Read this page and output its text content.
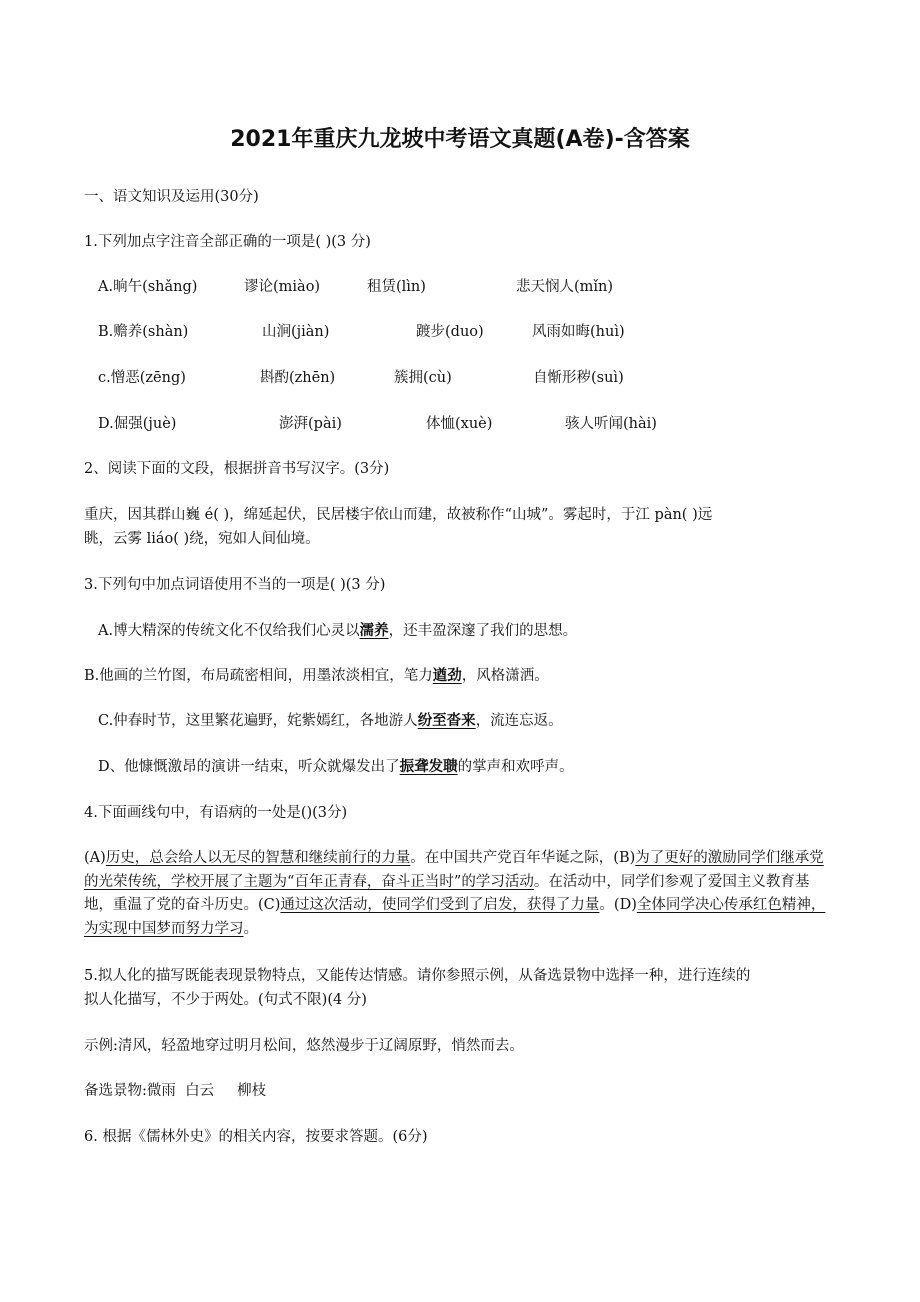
2021年重庆九龙坡中考语文真题(A卷)-含答案
一、语文知识及运用(30分)
1.下列加点字注音全部正确的一项是( )(3 分)
A.晌午(shǎng)	谬论(miào)	租赁(lìn)	悲天悯人(mǐn)
B.赡养(shàn)	山涧(jiàn)	踱步(duo)	风雨如晦(huì)
c.憎恶(zēng)	斟酌(zhēn)	簇拥(cù)	自惭形秽(suì)
D.倔强(juè)	澎湃(pài)	体恤(xuè)	骇人听闻(hài)
2、阅读下面的文段，根据拼音书写汉字。(3分)
重庆，因其群山巍 é( )，绵延起伏，民居楼宇依山而建，故被称作“山城”。雾起时，于江 pàn( )远
眺，云雾 liáo( )绕，宛如人间仙境。
3.下列句中加点词语使用不当的一项是( )(3 分)
A.博大精深的传统文化不仅给我们心灵以濡养，还丰盈深邃了我们的思想。
B.他画的兰竹图，布局疏密相间，用墨浓淡相宜，笔力遒劲，风格潇洒。
C.仲春时节，这里繁花遍野，姹紫嫣红，各地游人纷至沓来，流连忘返。
D、他慷慨激昂的演讲一结束，听众就爆发出了振聋发聩的掌声和欢呼声。
4.下面画线句中，有语病的一处是()(3分)
(A)历史，总会给人以无尽的智慧和继续前行的力量。在中国共产党百年华诞之际，(B)为了更好的激励同学们继承党的光荣传统，学校开展了主题为“百年正青春，奋斗正当时”的学习活动。在活动中，同学们参观了爱国主义教育基地，重温了党的奋斗历史。(C)通过这次活动，使同学们受到了启发，获得了力量。(D)全体同学决心传承红色精神，为实现中国梦而努力学习。
5.拟人化的描写既能表现景物特点，又能传达情感。请你参照示例，从备选景物中选择一种，进行连续的
拟人化描写，不少于两处。(句式不限)(4 分)
示例:清风，轻盈地穿过明月松间，悠然漫步于辽阔原野，悄然而去。
备选景物:微雨  白云     柳枝
6. 根据《儒林外史》的相关内容，按要求答题。(6分)
